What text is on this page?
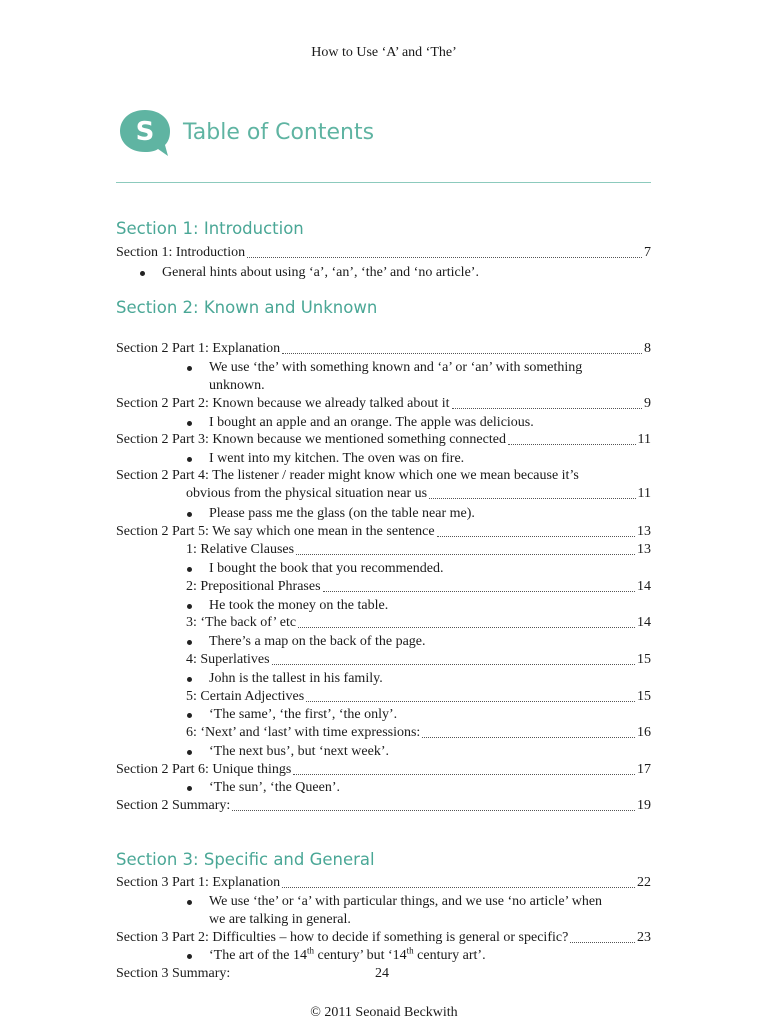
How to Use ‘A’ and ‘The’
S Table of Contents
Section 1: Introduction
Section 1: Introduction	7
General hints about using ‘a’, ‘an’, ‘the’ and ‘no article’.
Section 2: Known and Unknown
Section 2 Part 1: Explanation	8
We use ‘the’ with something known and ‘a’ or ‘an’ with something
unknown.
Section 2 Part 2: Known because we already talked about it	9
I bought an apple and an orange. The apple was delicious.
Section 2 Part 3: Known because we mentioned something connected	11
I went into my kitchen. The oven was on fire.
Section 2 Part 4: The listener / reader might know which one we mean because it’s
obvious from the physical situation near us	11
Please pass me the glass (on the table near me).
Section 2 Part 5: We say which one mean in the sentence	13
1: Relative Clauses	13
I bought the book that you recommended.
2: Prepositional Phrases	14
He took the money on the table.
3: ‘The back of’ etc	14
There’s a map on the back of the page.
4: Superlatives	15
John is the tallest in his family.
5: Certain Adjectives	15
‘The same’, ‘the first’, ‘the only’.
6: ‘Next’ and ‘last’ with time expressions:	16
‘The next bus’, but ‘next week’.
Section 2 Part 6: Unique things	17
‘The sun’, ‘the Queen’.
Section 2 Summary:	19
Section 3: Specific and General
Section 3 Part 1: Explanation	22
We use ‘the’ or ‘a’ with particular things, and we use ‘no article’ when
we are talking in general.
Section 3 Part 2: Difficulties – how to decide if something is general or specific?	23
‘The art of the 14th century’ but ‘14th century art’.
Section 3 Summary:	24
© 2011 Seonaid Beckwith
